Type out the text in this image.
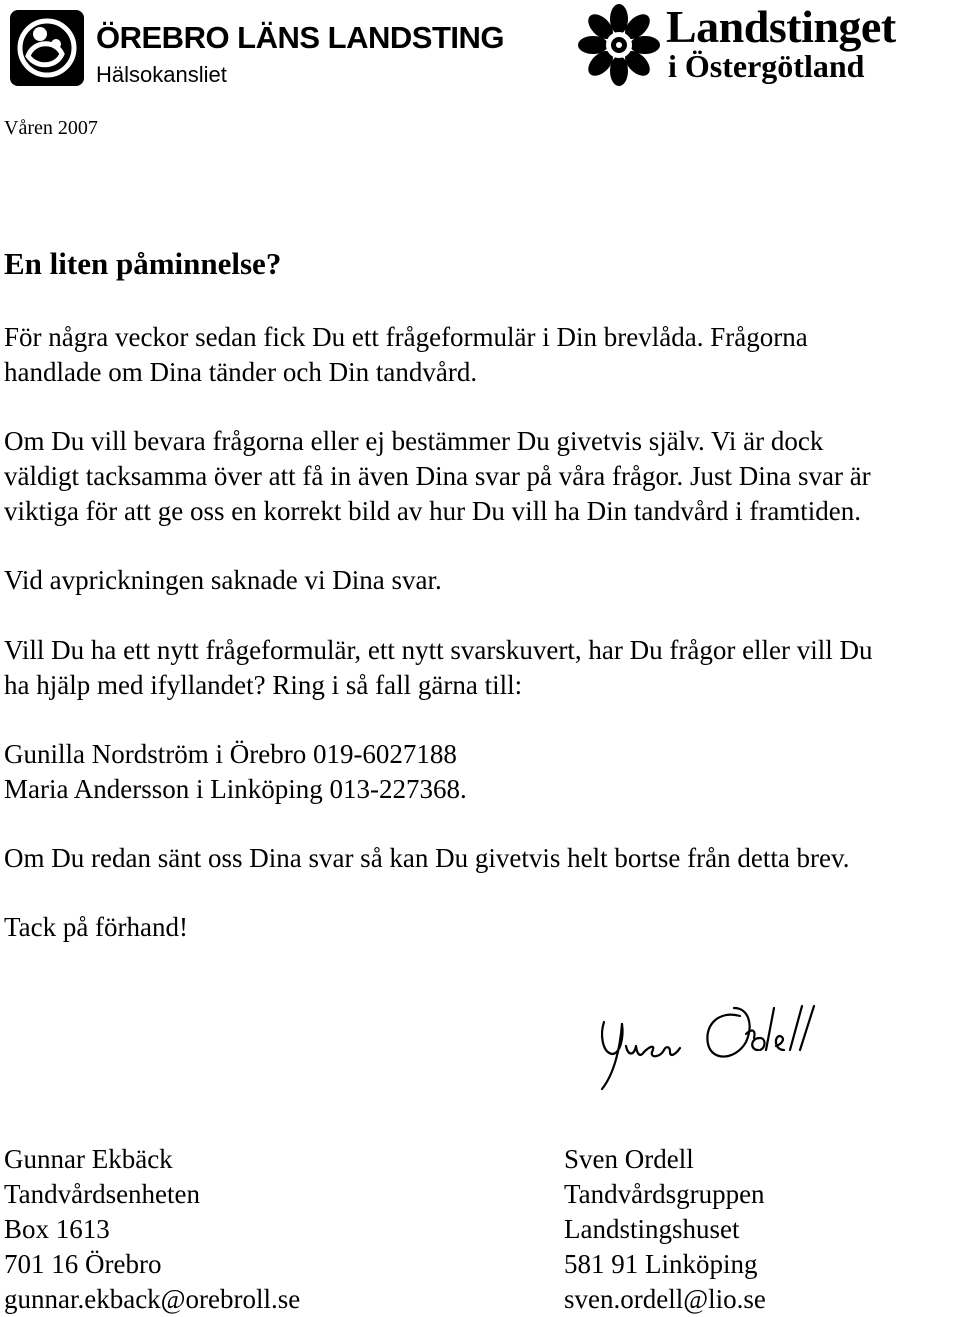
ÖREBRO LÄNS LANDSTING
Hälsokansliet
Landstinget
i Östergötland
Våren 2007
En liten påminnelse?

För några veckor sedan fick Du ett frågeformulär i Din brevlåda. Frågorna

handlade om Dina tänder och Din tandvård.

Om Du vill bevara frågorna eller ej bestämmer Du givetvis själv. Vi är dock

väldigt tacksamma över att få in även Dina svar på våra frågor. Just Dina svar är

viktiga för att ge oss en korrekt bild av hur Du vill ha Din tandvård i framtiden.

Vid avprickningen saknade vi Dina svar.

Vill Du ha ett nytt frågeformulär, ett nytt svarskuvert, har Du frågor eller vill Du

ha hjälp med ifyllandet? Ring i så fall gärna till:

Gunilla Nordström i Örebro 019-6027188

Maria Andersson i Linköping 013-227368.

Om Du redan sänt oss Dina svar så kan Du givetvis helt bortse från detta brev.

Tack på förhand!

Gunnar Ekbäck
Tandvårdsenheten
Box 1613
701 16 Örebro
gunnar.ekback@orebroll.se
Sven Ordell
Tandvårdsgruppen
Landstingshuset
581 91 Linköping
sven.ordell@lio.se
